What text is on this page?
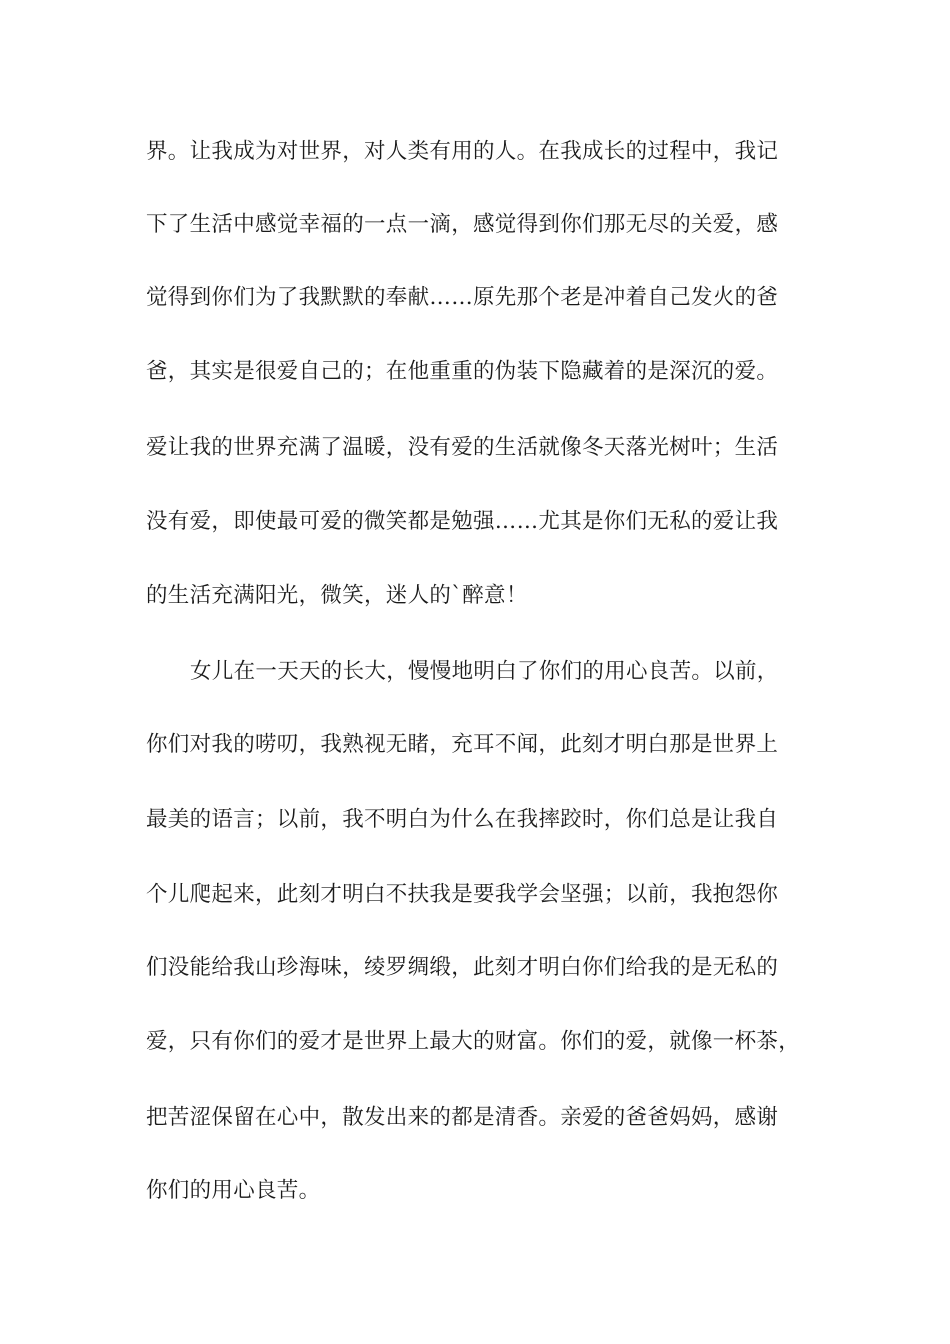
界。让我成为对世界，对人类有用的人。在我成长的过程中，我记
下了生活中感觉幸福的一点一滴，感觉得到你们那无尽的关爱，感
觉得到你们为了我默默的奉献……原先那个老是冲着自己发火的爸
爸，其实是很爱自己的；在他重重的伪装下隐藏着的是深沉的爱。
爱让我的世界充满了温暖，没有爱的生活就像冬天落光树叶；生活
没有爱，即使最可爱的微笑都是勉强……尤其是你们无私的爱让我
的生活充满阳光，微笑，迷人的`醉意！
女儿在一天天的长大，慢慢地明白了你们的用心良苦。以前，
你们对我的唠叨，我熟视无睹，充耳不闻，此刻才明白那是世界上
最美的语言；以前，我不明白为什么在我摔跤时，你们总是让我自
个儿爬起来，此刻才明白不扶我是要我学会坚强；以前，我抱怨你
们没能给我山珍海味，绫罗绸缎，此刻才明白你们给我的是无私的
爱，只有你们的爱才是世界上最大的财富。你们的爱，就像一杯茶，
把苦涩保留在心中，散发出来的都是清香。亲爱的爸爸妈妈，感谢
你们的用心良苦。
